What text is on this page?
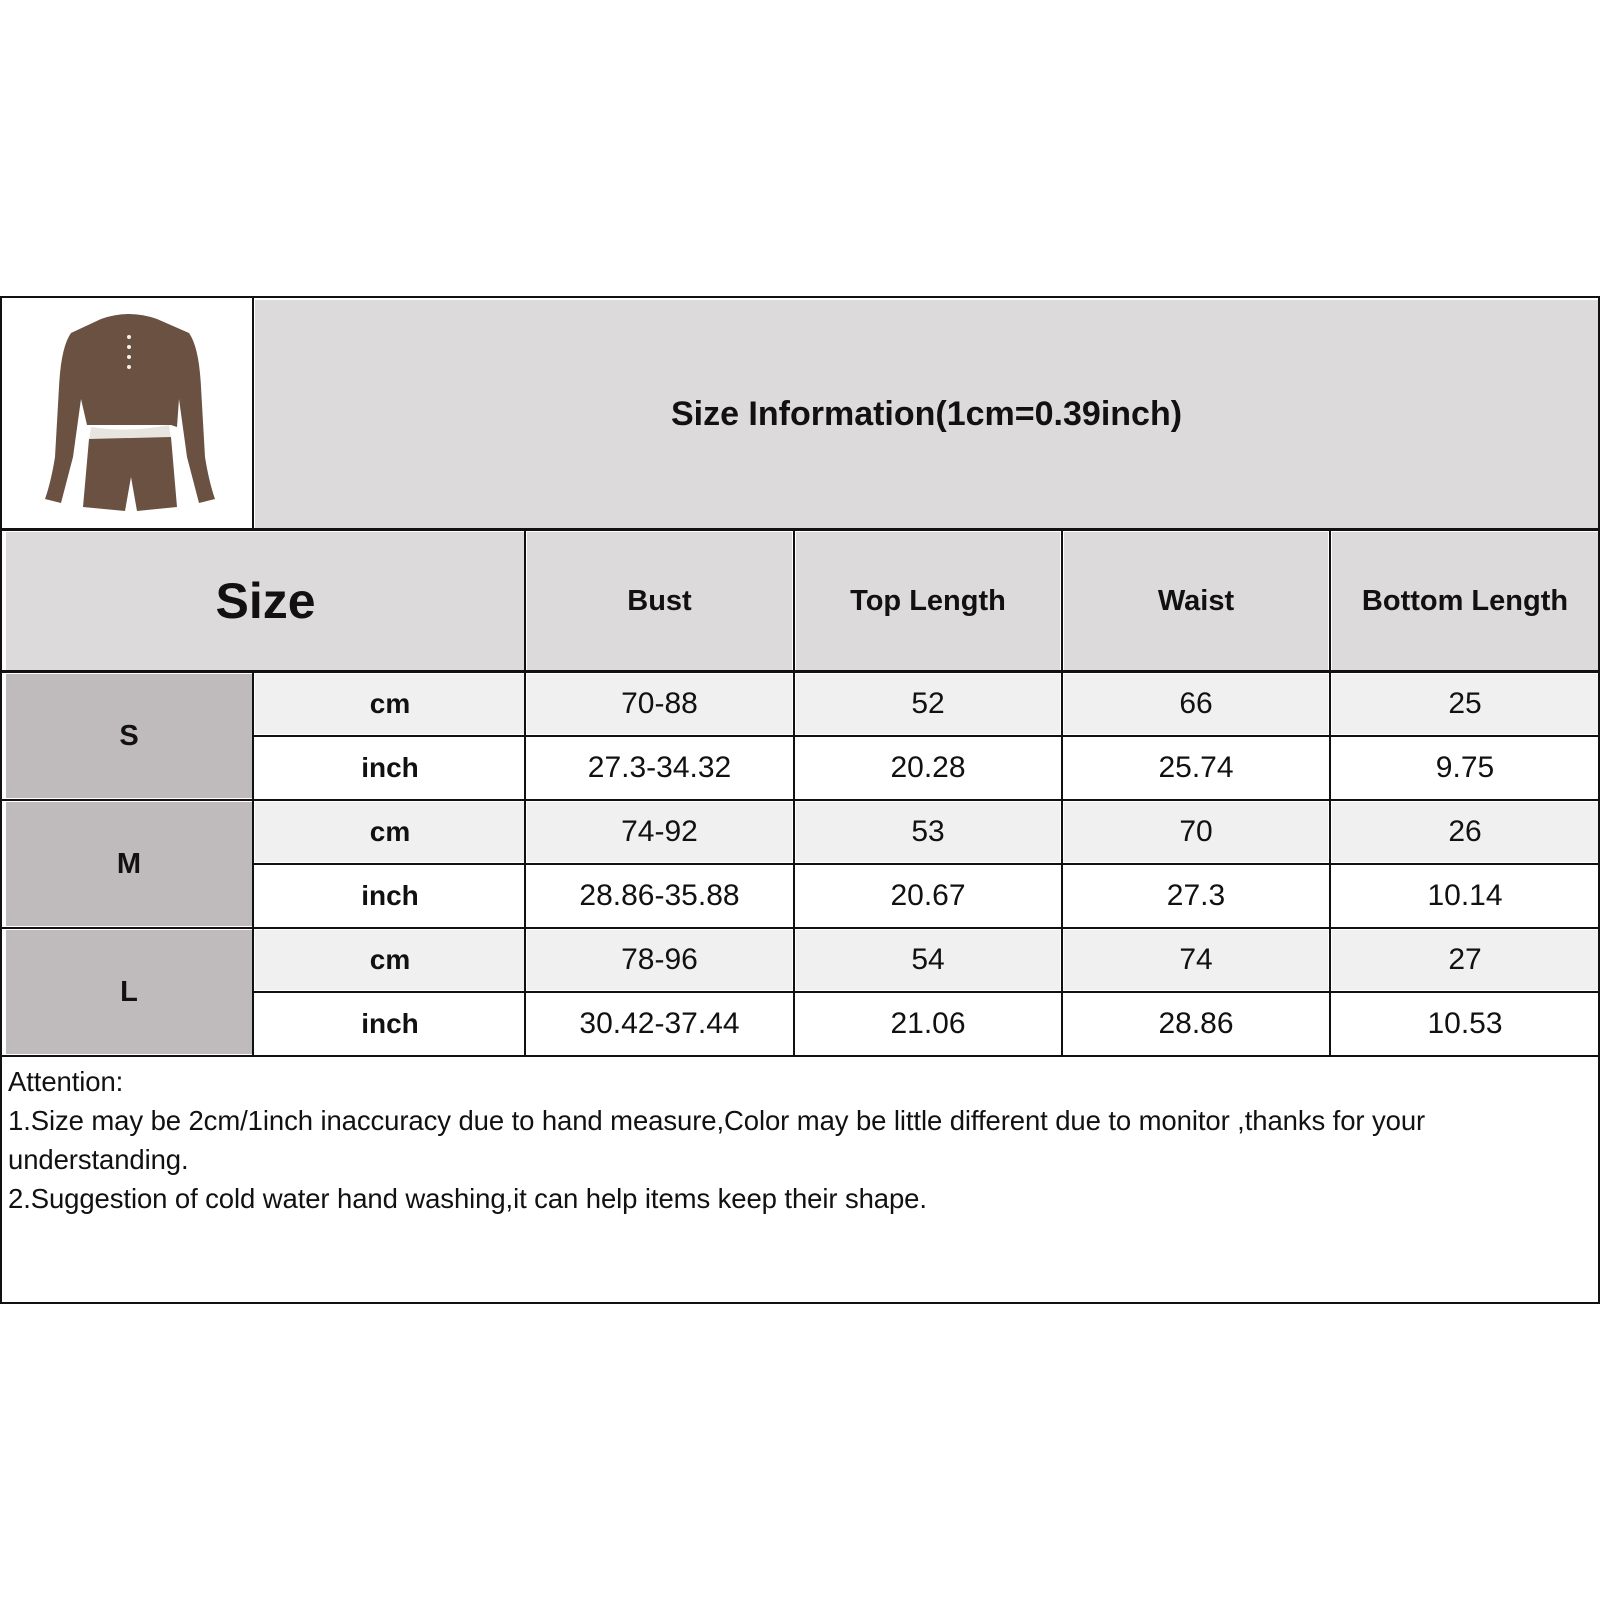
Size Information(1cm=0.39inch)
Size	Bust	Top Length	Waist	Bottom Length
S
cm	70-88	52	66	25
inch	27.3-34.32	20.28	25.74	9.75
M
cm	74-92	53	70	26
inch	28.86-35.88	20.67	27.3	10.14
L
cm	78-96	54	74	27
inch	30.42-37.44	21.06	28.86	10.53
Attention:
1.Size may be 2cm/1inch inaccuracy due to hand measure,Color may be little different due to monitor ,thanks for your understanding.
2.Suggestion of cold water hand washing,it can help items keep their shape.
